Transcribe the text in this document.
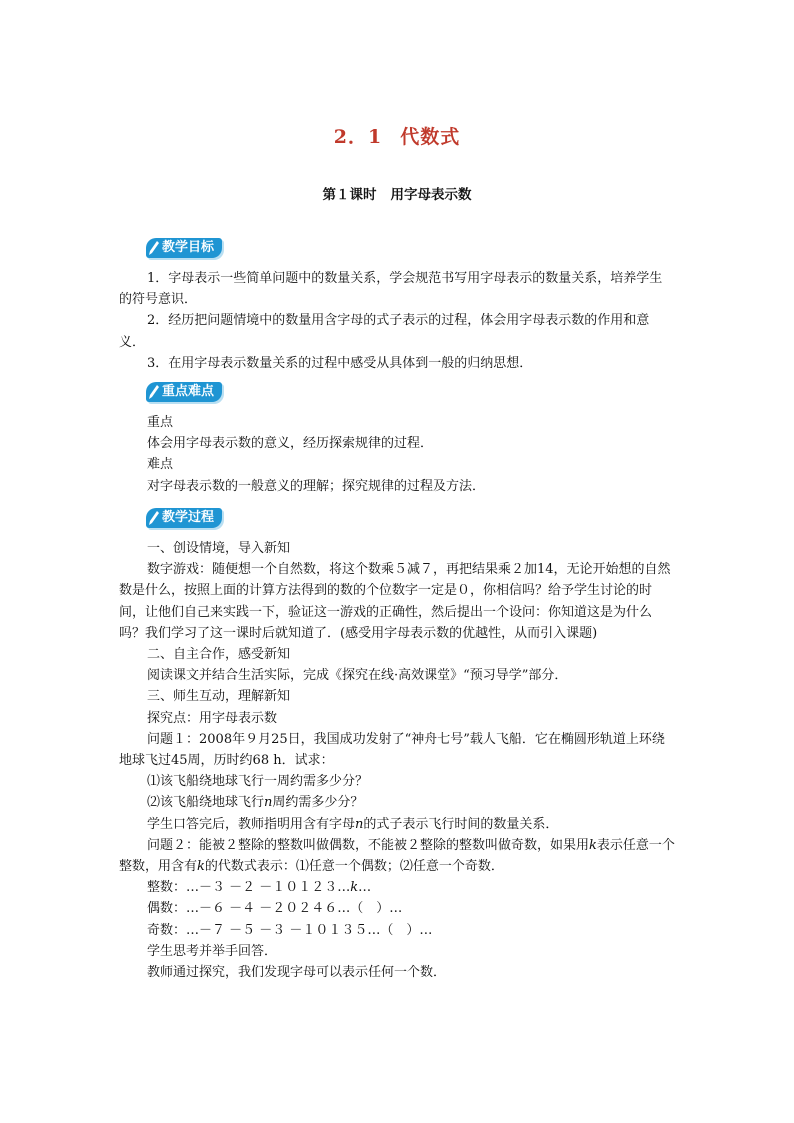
2．1 代数式
第１课时 用字母表示数
教学目标

1．字母表示一些简单问题中的数量关系，学会规范书写用字母表示的数量关系，培养学生的符号意识．

2．经历把问题情境中的数量用含字母的式子表示的过程，体会用字母表示数的作用和意义．

3．在用字母表示数量关系的过程中感受从具体到一般的归纳思想．

重点难点

重点

体会用字母表示数的意义，经历探索规律的过程．

难点

对字母表示数的一般意义的理解；探究规律的过程及方法．

教学过程

一、创设情境，导入新知

数字游戏：随便想一个自然数，将这个数乘５减７，再把结果乘２加14，无论开始想的自然数是什么，按照上面的计算方法得到的数的个位数字一定是０，你相信吗？给予学生讨论的时间，让他们自己来实践一下，验证这一游戏的正确性，然后提出一个设问：你知道这是为什么吗？我们学习了这一课时后就知道了．(感受用字母表示数的优越性，从而引入课题)

二、自主合作，感受新知

阅读课文并结合生活实际，完成《探究在线·高效课堂》“预习导学”部分．

三、师生互动，理解新知

探究点：用字母表示数

问题１：2008年９月25日，我国成功发射了“神舟七号”载人飞船．它在椭圆形轨道上环绕地球飞过45周，历时约68 h．试求：

⑴该飞船绕地球飞行一周约需多少分？

⑵该飞船绕地球飞行n周约需多少分？

学生口答完后，教师指明用含有字母n的式子表示飞行时间的数量关系．

问题２：能被２整除的整数叫做偶数，不能被２整除的整数叫做奇数，如果用k表示任意一个整数，用含有k的代数式表示：⑴任意一个偶数；⑵任意一个奇数．

整数：…－３ －２ －１０１２３…k…

偶数：…－６ －４ －２０２４６…（　）…

奇数：…－７ －５ －３ －１０１３５…（　）…

学生思考并举手回答．

教师通过探究，我们发现字母可以表示任何一个数．
